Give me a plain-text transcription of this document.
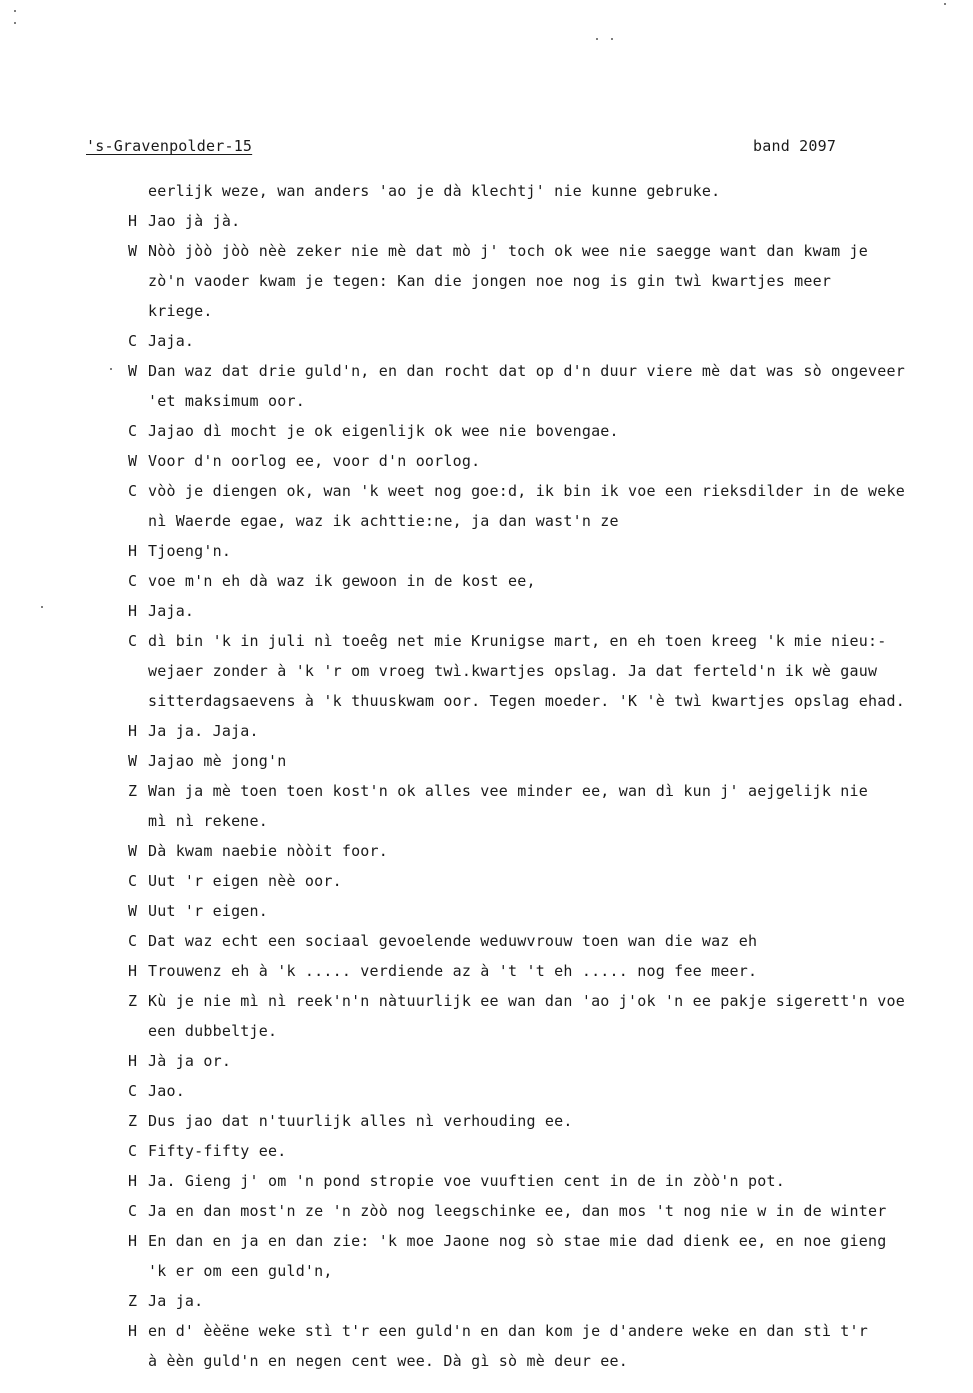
's-Gravenpolder-15	band 2097
eerlijk weze, wan anders 'ao je dà klechtj' nie kunne gebruke.
H Jao jà jà.
W Nòò jòò jòò nèè zeker nie mè dat mò j' toch ok wee nie saegge want dan kwam je
zò'n vaoder kwam je tegen: Kan die jongen noe nog is gin twì kwartjes meer
kriege.
C Jaja.
W Dan waz dat drie guld'n, en dan rocht dat op d'n duur viere mè dat was sò ongeveer
'et maksimum oor.
C Jajao dì mocht je ok eigenlijk ok wee nie bovengae.
W Voor d'n oorlog ee, voor d'n oorlog.
C vòò je diengen ok, wan 'k weet nog goe:d, ik bin ik voe een rieksdilder in de weke
nì Waerde egae, waz ik achttie:ne, ja dan wast'n ze
H Tjoeng'n.
C voe m'n eh dà waz ik gewoon in de kost ee,
H Jaja.
C dì bin 'k in juli nì toeêg net mie Krunigse mart, en eh toen kreeg 'k mie nieu:-
wejaer zonder à 'k 'r om vroeg twì.kwartjes opslag. Ja dat ferteld'n ik wè gauw
sitterdagsaevens à 'k thuuskwam oor. Tegen moeder. 'K 'è twì kwartjes opslag ehad.
H Ja ja. Jaja.
W Jajao mè jong'n
Z Wan ja mè toen toen kost'n ok alles vee minder ee, wan dì kun j' aejgelijk nie
mì nì rekene.
W Dà kwam naebie nòòit foor.
C Uut 'r eigen nèè oor.
W Uut 'r eigen.
C Dat waz echt een sociaal gevoelende weduwvrouw toen wan die waz eh
H Trouwenz eh à 'k ..... verdiende az à 't 't eh ..... nog fee meer.
Z Kù je nie mì nì reek'n'n nàtuurlijk ee wan dan 'ao j'ok 'n ee pakje sigerett'n voe
een dubbeltje.
H Jà ja or.
C Jao.
Z Dus jao dat n'tuurlijk alles nì verhouding ee.
C Fifty-fifty ee.
H Ja. Gieng j' om 'n pond stropie voe vuuftien cent in de in zòò'n pot.
C Ja en dan most'n ze 'n zòò nog leegschinke ee, dan mos 't nog nie w in de winter
H En dan en ja en dan zie: 'k moe Jaone nog sò stae mie dad dienk ee, en noe gieng
'k er om een guld'n,
Z Ja ja.
H en d' èèëne weke stì t'r een guld'n en dan kom je d'andere weke en dan stì t'r
à èèn guld'n en negen cent wee. Dà gì sò mè deur ee.
